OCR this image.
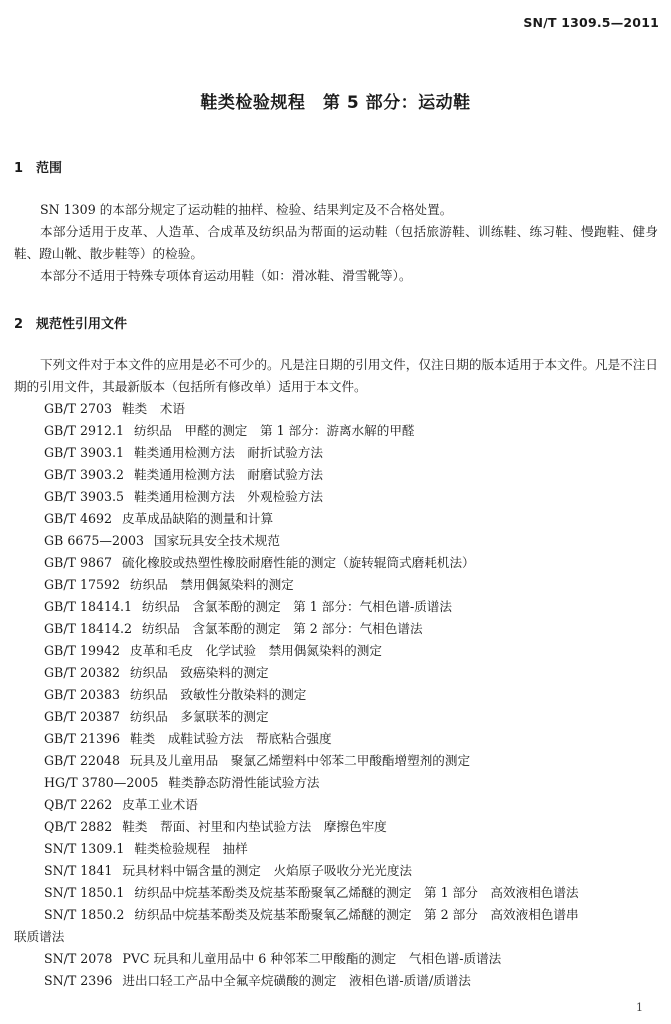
SN/T 1309.5—2011
鞋类检验规程　第 5 部分：运动鞋
1 范围

SN 1309 的本部分规定了运动鞋的抽样、检验、结果判定及不合格处置。

本部分适用于皮革、人造革、合成革及纺织品为帮面的运动鞋（包括旅游鞋、训练鞋、练习鞋、慢跑鞋、健身鞋、蹬山靴、散步鞋等）的检验。

本部分不适用于特殊专项体育运动用鞋（如：滑冰鞋、滑雪靴等）。

2 规范性引用文件

下列文件对于本文件的应用是必不可少的。凡是注日期的引用文件，仅注日期的版本适用于本文件。凡是不注日期的引用文件，其最新版本（包括所有修改单）适用于本文件。

GB/T 2703 鞋类　术语
GB/T 2912.1 纺织品　甲醛的测定　第 1 部分：游离水解的甲醛
GB/T 3903.1 鞋类通用检测方法　耐折试验方法
GB/T 3903.2 鞋类通用检测方法　耐磨试验方法
GB/T 3903.5 鞋类通用检测方法　外观检验方法
GB/T 4692 皮革成品缺陷的测量和计算
GB 6675—2003 国家玩具安全技术规范
GB/T 9867 硫化橡胶或热塑性橡胶耐磨性能的测定（旋转辊筒式磨耗机法）
GB/T 17592 纺织品　禁用偶氮染料的测定
GB/T 18414.1 纺织品　含氯苯酚的测定　第 1 部分：气相色谱-质谱法
GB/T 18414.2 纺织品　含氯苯酚的测定　第 2 部分：气相色谱法
GB/T 19942 皮革和毛皮　化学试验　禁用偶氮染料的测定
GB/T 20382 纺织品　致癌染料的测定
GB/T 20383 纺织品　致敏性分散染料的测定
GB/T 20387 纺织品　多氯联苯的测定
GB/T 21396 鞋类　成鞋试验方法　帮底粘合强度
GB/T 22048 玩具及儿童用品　聚氯乙烯塑料中邻苯二甲酸酯增塑剂的测定
HG/T 3780—2005 鞋类静态防滑性能试验方法
QB/T 2262 皮革工业术语
QB/T 2882 鞋类　帮面、衬里和内垫试验方法　摩擦色牢度
SN/T 1309.1 鞋类检验规程　抽样
SN/T 1841 玩具材料中镉含量的测定　火焰原子吸收分光光度法
SN/T 1850.1 纺织品中烷基苯酚类及烷基苯酚聚氧乙烯醚的测定　第 1 部分　高效液相色谱法
SN/T 1850.2 纺织品中烷基苯酚类及烷基苯酚聚氧乙烯醚的测定　第 2 部分　高效液相色谱串
联质谱法
SN/T 2078 PVC 玩具和儿童用品中 6 种邻苯二甲酸酯的测定　气相色谱-质谱法
SN/T 2396 进出口轻工产品中全氟辛烷磺酸的测定　液相色谱-质谱/质谱法
1
